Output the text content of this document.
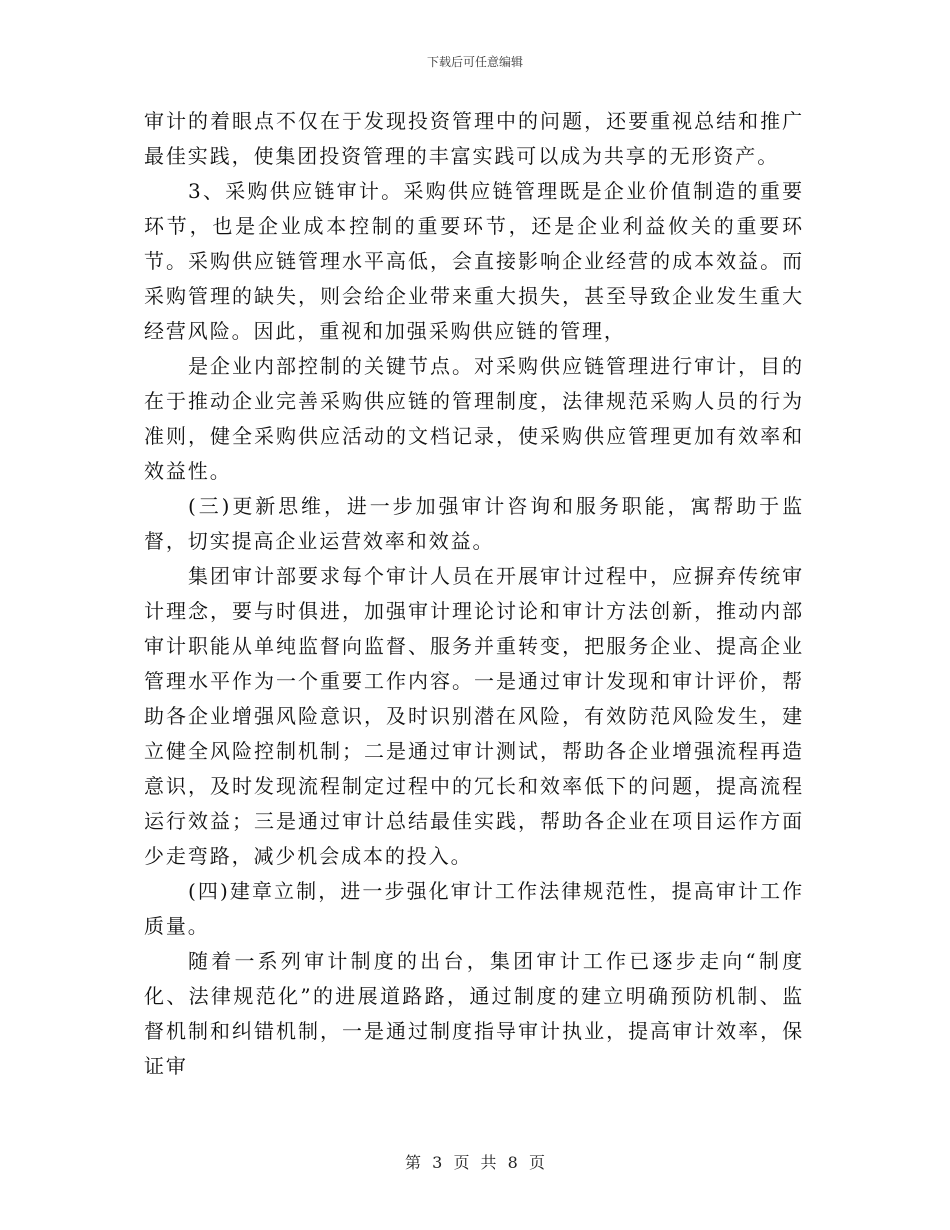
下载后可任意编辑

审计的着眼点不仅在于发现投资管理中的问题，还要重视总结和推广最佳实践，使集团投资管理的丰富实践可以成为共享的无形资产。

3、采购供应链审计。采购供应链管理既是企业价值制造的重要环节，也是企业成本控制的重要环节，还是企业利益攸关的重要环节。采购供应链管理水平高低，会直接影响企业经营的成本效益。而采购管理的缺失，则会给企业带来重大损失，甚至导致企业发生重大经营风险。因此，重视和加强采购供应链的管理，

是企业内部控制的关键节点。对采购供应链管理进行审计，目的在于推动企业完善采购供应链的管理制度，法律规范采购人员的行为准则，健全采购供应活动的文档记录，使采购供应管理更加有效率和效益性。

(三)更新思维，进一步加强审计咨询和服务职能，寓帮助于监督，切实提高企业运营效率和效益。

集团审计部要求每个审计人员在开展审计过程中，应摒弃传统审计理念，要与时俱进，加强审计理论讨论和审计方法创新，推动内部审计职能从单纯监督向监督、服务并重转变，把服务企业、提高企业管理水平作为一个重要工作内容。一是通过审计发现和审计评价，帮助各企业增强风险意识，及时识别潜在风险，有效防范风险发生，建立健全风险控制机制；二是通过审计测试，帮助各企业增强流程再造意识，及时发现流程制定过程中的冗长和效率低下的问题，提高流程运行效益；三是通过审计总结最佳实践，帮助各企业在项目运作方面少走弯路，减少机会成本的投入。

(四)建章立制，进一步强化审计工作法律规范性，提高审计工作质量。

随着一系列审计制度的出台，集团审计工作已逐步走向“制度化、法律规范化”的进展道路路，通过制度的建立明确预防机制、监督机制和纠错机制，一是通过制度指导审计执业，提高审计效率，保证审

第 3 页 共 8 页
